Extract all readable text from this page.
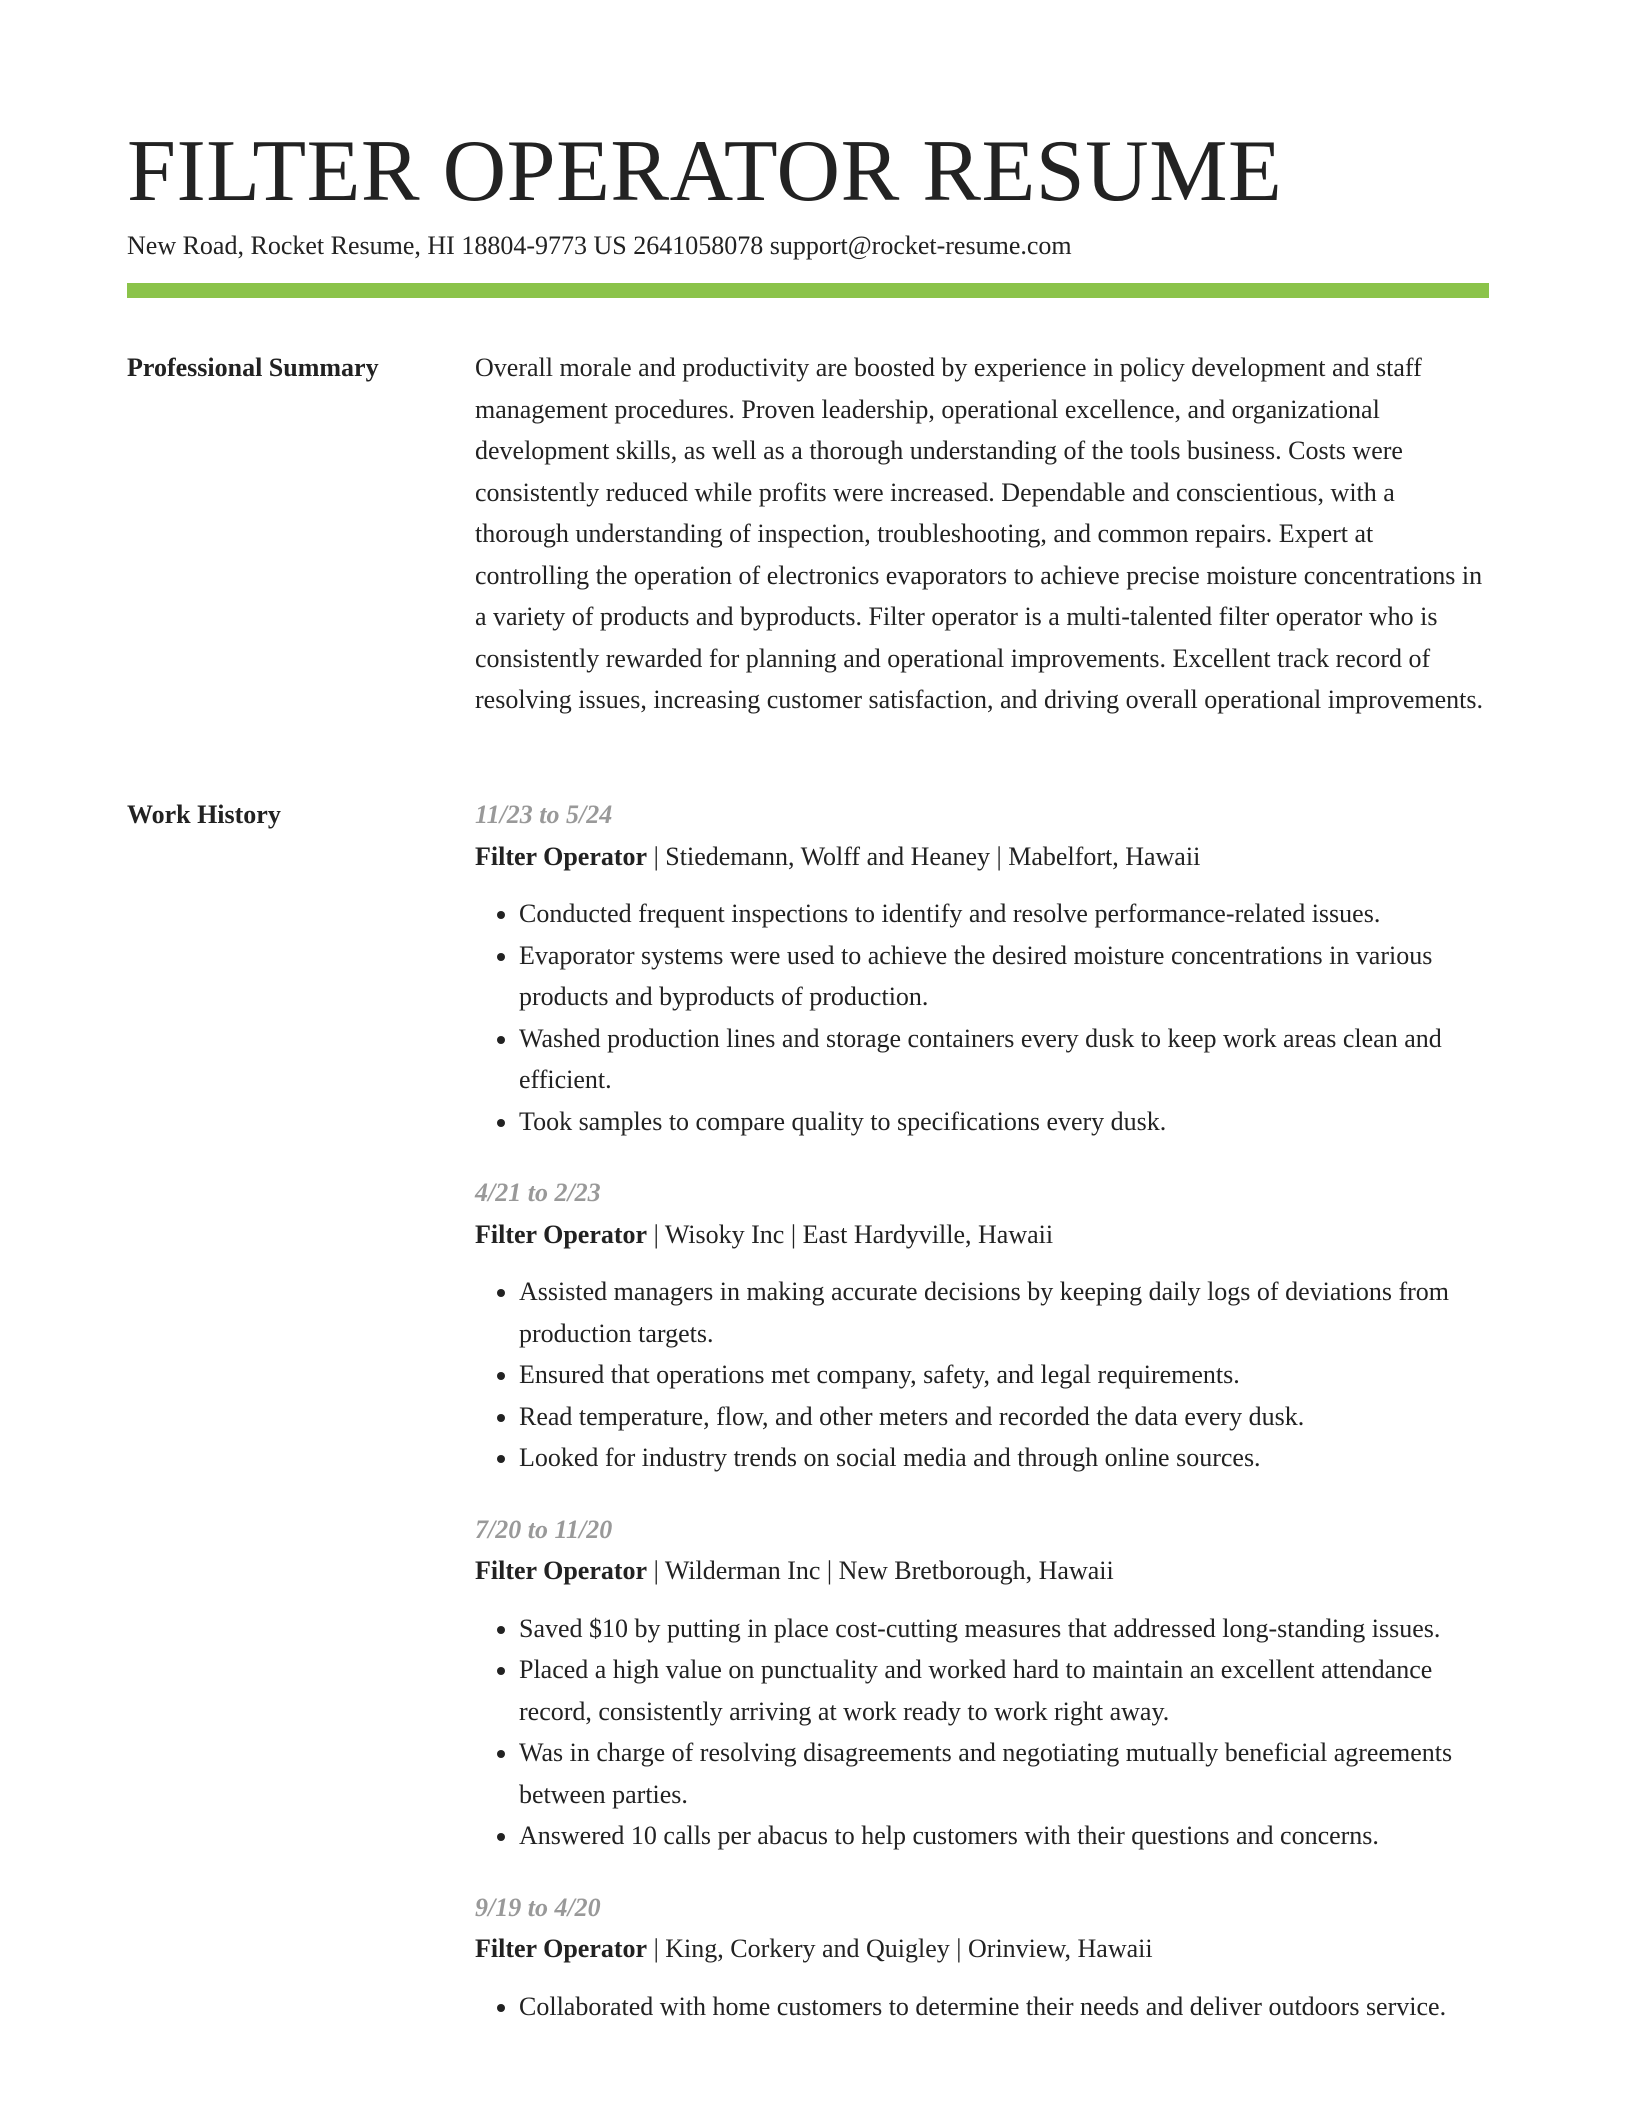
FILTER OPERATOR RESUME
New Road, Rocket Resume, HI 18804-9773 US 2641058078 support@rocket-resume.com
Professional Summary	Overall morale and productivity are boosted by experience in policy development and staff management procedures. Proven leadership, operational excellence, and organizational development skills, as well as a thorough understanding of the tools business. Costs were consistently reduced while profits were increased. Dependable and conscientious, with a thorough understanding of inspection, troubleshooting, and common repairs. Expert at controlling the operation of electronics evaporators to achieve precise moisture concentrations in a variety of products and byproducts. Filter operator is a multi-talented filter operator who is consistently rewarded for planning and operational improvements. Excellent track record of resolving issues, increasing customer satisfaction, and driving overall operational improvements.

Work History	11/23 to 5/24
Filter Operator | Stiedemann, Wolff and Heaney | Mabelfort, Hawaii
• Conducted frequent inspections to identify and resolve performance-related issues.
• Evaporator systems were used to achieve the desired moisture concentrations in various products and byproducts of production.
• Washed production lines and storage containers every dusk to keep work areas clean and efficient.
• Took samples to compare quality to specifications every dusk.
4/21 to 2/23
Filter Operator | Wisoky Inc | East Hardyville, Hawaii
• Assisted managers in making accurate decisions by keeping daily logs of deviations from production targets.
• Ensured that operations met company, safety, and legal requirements.
• Read temperature, flow, and other meters and recorded the data every dusk.
• Looked for industry trends on social media and through online sources.
7/20 to 11/20
Filter Operator | Wilderman Inc | New Bretborough, Hawaii
• Saved $10 by putting in place cost-cutting measures that addressed long-standing issues.
• Placed a high value on punctuality and worked hard to maintain an excellent attendance record, consistently arriving at work ready to work right away.
• Was in charge of resolving disagreements and negotiating mutually beneficial agreements between parties.
• Answered 10 calls per abacus to help customers with their questions and concerns.
9/19 to 4/20
Filter Operator | King, Corkery and Quigley | Orinview, Hawaii
• Collaborated with home customers to determine their needs and deliver outdoors service.
